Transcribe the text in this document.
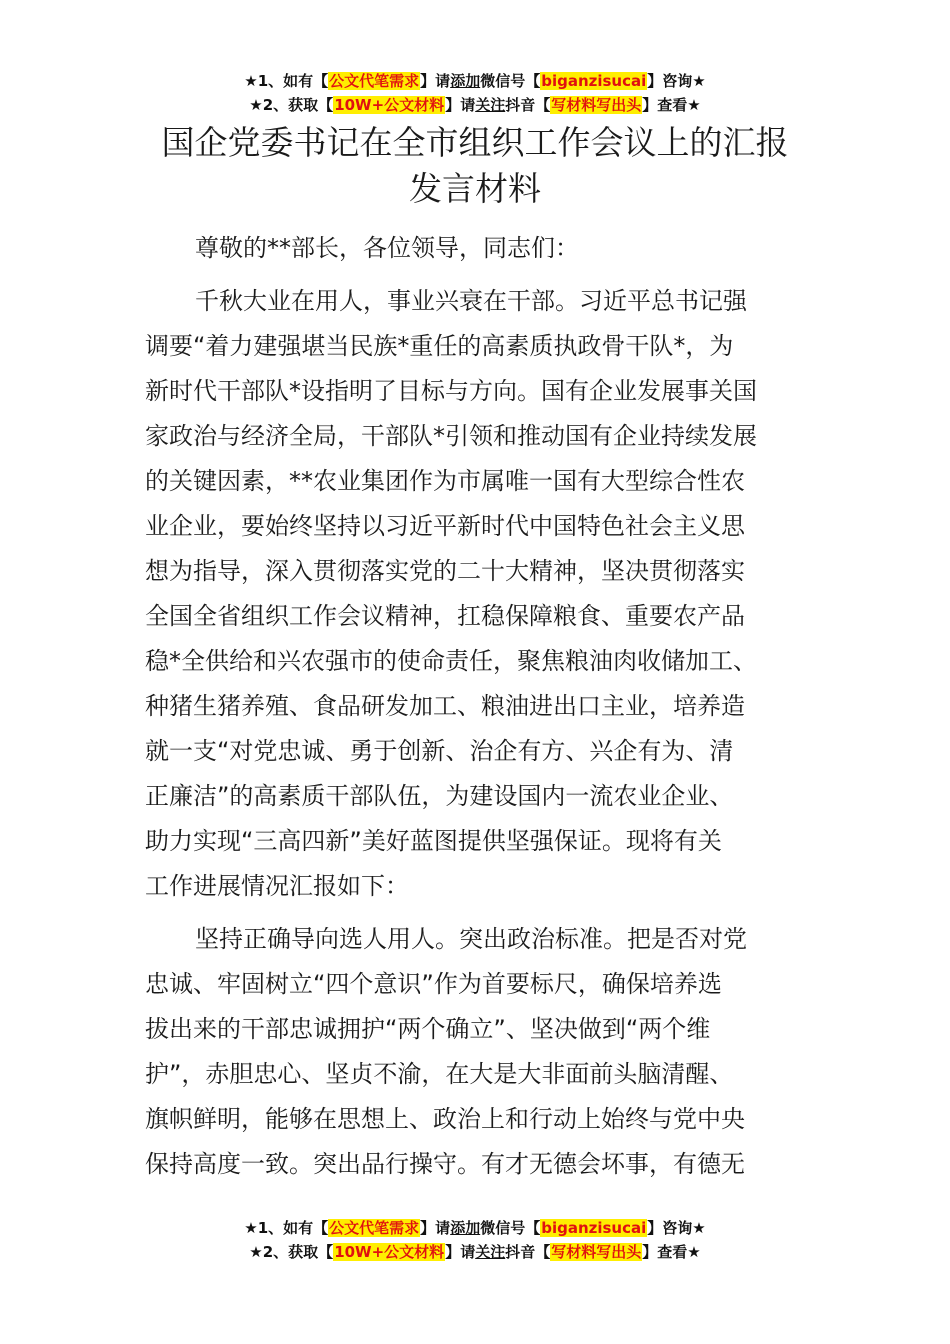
★1、如有【公文代笔需求】请添加微信号【biganzisucai】咨询★
★2、获取【10W+公文材料】请关注抖音【写材料写出头】查看★
国企党委书记在全市组织工作会议上的汇报
发言材料

尊敬的**部长，各位领导，同志们：

千秋大业在用人，事业兴衰在干部。习近平总书记强
调要“着力建强堪当民族*重任的高素质执政骨干队*，为
新时代干部队*设指明了目标与方向。国有企业发展事关国
家政治与经济全局，干部队*引领和推动国有企业持续发展
的关键因素，**农业集团作为市属唯一国有大型综合性农
业企业，要始终坚持以习近平新时代中国特色社会主义思
想为指导，深入贯彻落实党的二十大精神，坚决贯彻落实
全国全省组织工作会议精神，扛稳保障粮食、重要农产品
稳*全供给和兴农强市的使命责任，聚焦粮油肉收储加工、
种猪生猪养殖、食品研发加工、粮油进出口主业，培养造
就一支“对党忠诚、勇于创新、治企有方、兴企有为、清
正廉洁”的高素质干部队伍，为建设国内一流农业企业、
助力实现“三高四新”美好蓝图提供坚强保证。现将有关
工作进展情况汇报如下：

坚持正确导向选人用人。突出政治标准。把是否对党
忠诚、牢固树立“四个意识”作为首要标尺，确保培养选
拔出来的干部忠诚拥护“两个确立”、坚决做到“两个维
护”，赤胆忠心、坚贞不渝，在大是大非面前头脑清醒、
旗帜鲜明，能够在思想上、政治上和行动上始终与党中央
保持高度一致。突出品行操守。有才无德会坏事，有德无

★1、如有【公文代笔需求】请添加微信号【biganzisucai】咨询★
★2、获取【10W+公文材料】请关注抖音【写材料写出头】查看★
